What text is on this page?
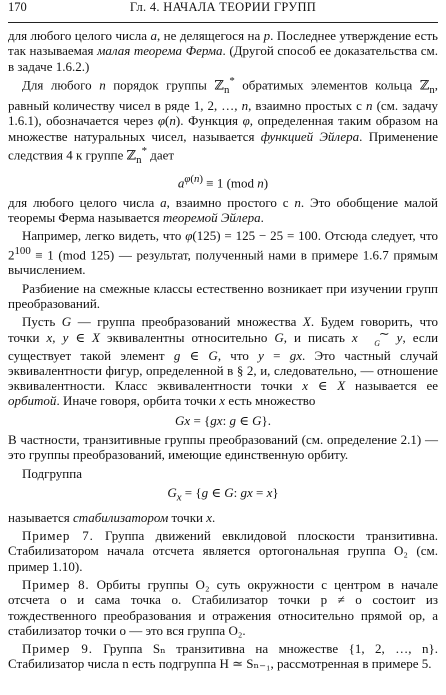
170	Гл. 4. НАЧАЛА ТЕОРИИ ГРУПП

для любого целого числа a, не делящегося на p. Последнее утверждение есть так называемая малая теорема Ферма. (Другой способ ее доказательства см. в задаче 1.6.2.)

Для любого n порядок группы ℤ$_n$* обратимых элементов кольца ℤ$_n$, равный количеству чисел в ряде 1, 2, …, n, взаимно простых с n (см. задачу 1.6.1), обозначается через φ(n). Функция φ, определенная таким образом на множестве натуральных чисел, называется функцией Эйлера. Применение следствия 4 к группе ℤ$_n$* дает

$a^{\varphi(n)} \equiv 1$ (mod n)

для любого целого числа a, взаимно простого с n. Это обобщение малой теоремы Ферма называется теоремой Эйлера.

Например, легко видеть, что φ(125) = 125 − 25 = 100. Отсюда следует, что $2^{100} \equiv 1$ (mod 125) — результат, полученный нами в примере 1.6.7 прямым вычислением.

Разбиение на смежные классы естественно возникает при изучении групп преобразований.

Пусть G — группа преобразований множества X. Будем говорить, что точки x, y ∈ X эквивалентны относительно G, и писать x ∼
G y, если существует такой элемент g ∈ G, что y = gx. Это частный случай эквивалентности фигур, определенной в § 2, и, следовательно, — отношение эквивалентности. Класс эквивалентности точки x ∈ X называется ее орбитой. Иначе говоря, орбита точки x есть множество

Gx = {gx: g ∈ G}.

В частности, транзитивные группы преобразований (см. определение 2.1) — это группы преобразований, имеющие единственную орбиту.

Подгруппа

$G_x = \{g$ ∈ G: gx = x}

называется стабилизатором точки x.

Пример 7. Группа движений евклидовой плоскости транзитивна. Стабилизатором начала отсчета является ортогональная группа O₂ (см. пример 1.10).

Пример 8. Орбиты группы O₂ суть окружности с центром в начале отсчета o и сама точка o. Стабилизатор точки p ≠ o состоит из тождественного преобразования и отражения относительно прямой op, а стабилизатор точки o — это вся группа O₂.

Пример 9. Группа Sₙ транзитивна на множестве {1, 2, …, n}. Стабилизатор числа n есть подгруппа H ≃ Sₙ₋₁, рассмотренная в примере 5.
